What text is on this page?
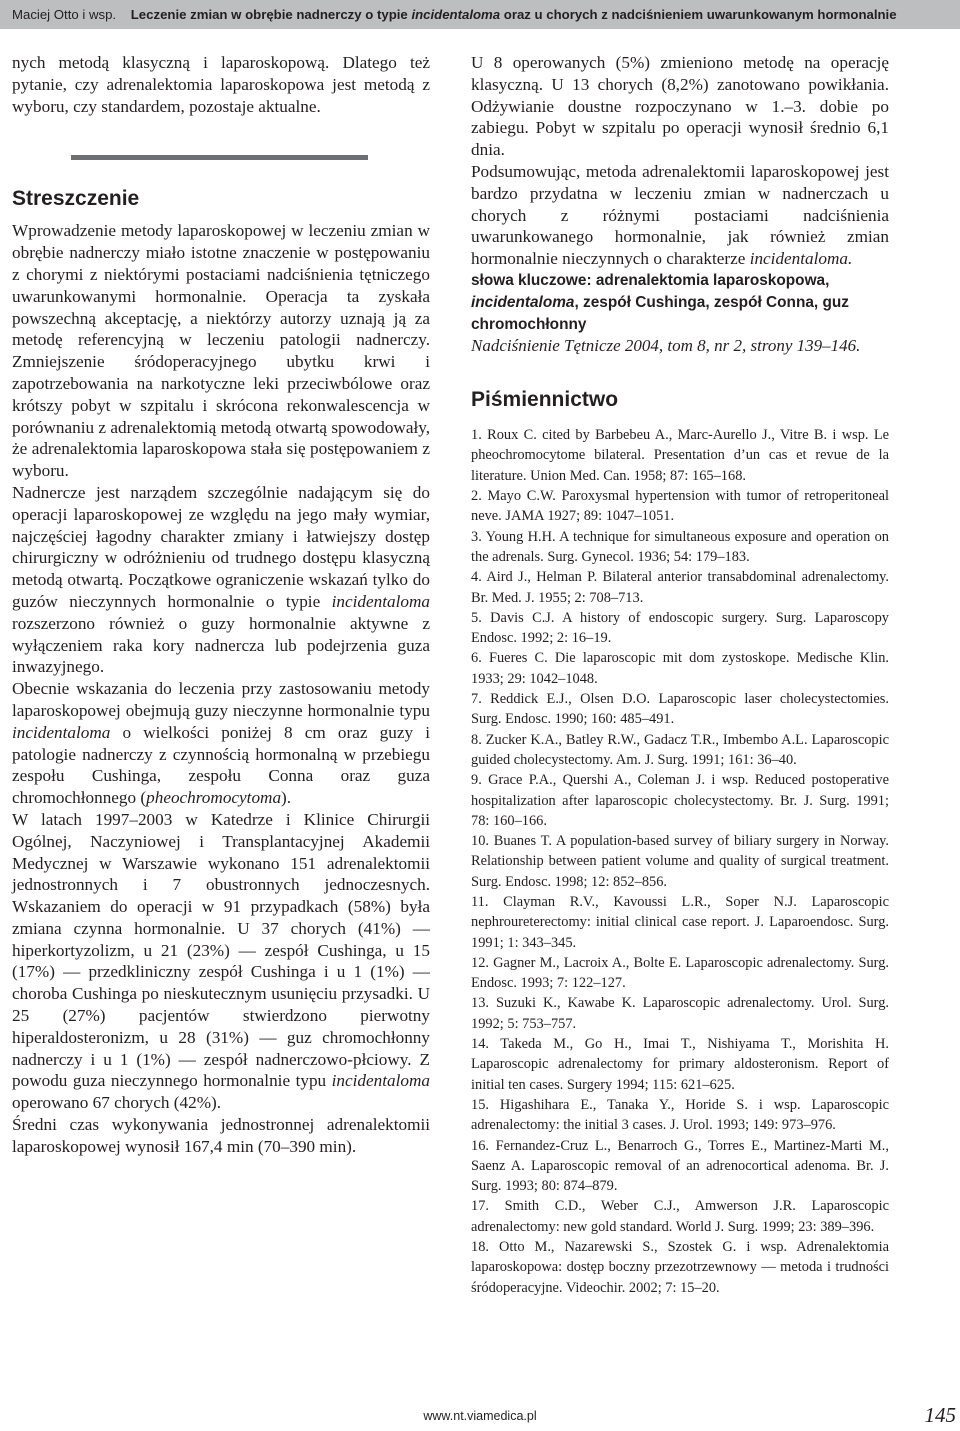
Maciej Otto i wsp. Leczenie zmian w obrębie nadnerczy o typie incidentaloma oraz u chorych z nadciśnieniem uwarunkowanym hormonalnie

nych metodą klasyczną i laparoskopową. Dlatego też pytanie, czy adrenalektomia laparoskopowa jest metodą z wyboru, czy standardem, pozostaje aktualne.

Streszczenie

Wprowadzenie metody laparoskopowej w leczeniu zmian w obrębie nadnerczy miało istotne znaczenie w postępowaniu z chorymi z niektórymi postaciami nadciśnienia tętniczego uwarunkowanymi hormonalnie. Operacja ta zyskała powszechną akceptację, a niektórzy autorzy uznają ją za metodę referencyjną w leczeniu patologii nadnerczy. Zmniejszenie śródoperacyjnego ubytku krwi i zapotrzebowania na narkotyczne leki przeciwbólowe oraz krótszy pobyt w szpitalu i skrócona rekonwalescencja w porównaniu z adrenalektomią metodą otwartą spowodowały, że adrenalektomia laparoskopowa stała się postępowaniem z wyboru.

Nadnercze jest narządem szczególnie nadającym się do operacji laparoskopowej ze względu na jego mały wymiar, najczęściej łagodny charakter zmiany i łatwiejszy dostęp chirurgiczny w odróżnieniu od trudnego dostępu klasyczną metodą otwartą. Początkowe ograniczenie wskazań tylko do guzów nieczynnych hormonalnie o typie incidentaloma rozszerzono również o guzy hormonalnie aktywne z wyłączeniem raka kory nadnercza lub podejrzenia guza inwazyjnego.

Obecnie wskazania do leczenia przy zastosowaniu metody laparoskopowej obejmują guzy nieczynne hormonalnie typu incidentaloma o wielkości poniżej 8 cm oraz guzy i patologie nadnerczy z czynnością hormonalną w przebiegu zespołu Cushinga, zespołu Conna oraz guza chromochłonnego (pheochromocytoma).

W latach 1997–2003 w Katedrze i Klinice Chirurgii Ogólnej, Naczyniowej i Transplantacyjnej Akademii Medycznej w Warszawie wykonano 151 adrenalektomii jednostronnych i 7 obustronnych jednoczesnych. Wskazaniem do operacji w 91 przypadkach (58%) była zmiana czynna hormonalnie. U 37 chorych (41%) — hiperkortyzolizm, u 21 (23%) — zespół Cushinga, u 15 (17%) — przedkliniczny zespół Cushinga i u 1 (1%) — choroba Cushinga po nieskutecznym usunięciu przysadki. U 25 (27%) pacjentów stwierdzono pierwotny hiperaldosteronizm, u 28 (31%) — guz chromochłonny nadnerczy i u 1 (1%) — zespół nadnerczowo-płciowy. Z powodu guza nieczynnego hormonalnie typu incidentaloma operowano 67 chorych (42%).

Średni czas wykonywania jednostronnej adrenalektomii laparoskopowej wynosił 167,4 min (70–390 min).

U 8 operowanych (5%) zmieniono metodę na operację klasyczną. U 13 chorych (8,2%) zanotowano powikłania. Odżywianie doustne rozpoczynano w 1.–3. dobie po zabiegu. Pobyt w szpitalu po operacji wynosił średnio 6,1 dnia.

Podsumowując, metoda adrenalektomii laparoskopowej jest bardzo przydatna w leczeniu zmian w nadnerczach u chorych z różnymi postaciami nadciśnienia uwarunkowanego hormonalnie, jak również zmian hormonalnie nieczynnych o charakterze incidentaloma.

słowa kluczowe: adrenalektomia laparoskopowa, incidentaloma, zespół Cushinga, zespół Conna, guz chromochłonny

Nadciśnienie Tętnicze 2004, tom 8, nr 2, strony 139–146.

Piśmiennictwo

1. Roux C. cited by Barbebeu A., Marc-Aurello J., Vitre B. i wsp. Le pheochromocytome bilateral. Presentation d’un cas et revue de la literature. Union Med. Can. 1958; 87: 165–168.

2. Mayo C.W. Paroxysmal hypertension with tumor of retroperitoneal neve. JAMA 1927; 89: 1047–1051.

3. Young H.H. A technique for simultaneous exposure and operation on the adrenals. Surg. Gynecol. 1936; 54: 179–183.

4. Aird J., Helman P. Bilateral anterior transabdominal adrenalectomy. Br. Med. J. 1955; 2: 708–713.

5. Davis C.J. A history of endoscopic surgery. Surg. Laparoscopy Endosc. 1992; 2: 16–19.

6. Fueres C. Die laparoscopic mit dom zystoskope. Medische Klin. 1933; 29: 1042–1048.

7. Reddick E.J., Olsen D.O. Laparoscopic laser cholecystectomies. Surg. Endosc. 1990; 160: 485–491.

8. Zucker K.A., Batley R.W., Gadacz T.R., Imbembo A.L. Laparoscopic guided cholecystectomy. Am. J. Surg. 1991; 161: 36–40.

9. Grace P.A., Quershi A., Coleman J. i wsp. Reduced postoperative hospitalization after laparoscopic cholecystectomy. Br. J. Surg. 1991; 78: 160–166.

10. Buanes T. A population-based survey of biliary surgery in Norway. Relationship between patient volume and quality of surgical treatment. Surg. Endosc. 1998; 12: 852–856.

11. Clayman R.V., Kavoussi L.R., Soper N.J. Laparoscopic nephroureterectomy: initial clinical case report. J. Laparoendosc. Surg. 1991; 1: 343–345.

12. Gagner M., Lacroix A., Bolte E. Laparoscopic adrenalectomy. Surg. Endosc. 1993; 7: 122–127.

13. Suzuki K., Kawabe K. Laparoscopic adrenalectomy. Urol. Surg. 1992; 5: 753–757.

14. Takeda M., Go H., Imai T., Nishiyama T., Morishita H. Laparoscopic adrenalectomy for primary aldosteronism. Report of initial ten cases. Surgery 1994; 115: 621–625.

15. Higashihara E., Tanaka Y., Horide S. i wsp. Laparoscopic adrenalectomy: the initial 3 cases. J. Urol. 1993; 149: 973–976.

16. Fernandez-Cruz L., Benarroch G., Torres E., Martinez-Marti M., Saenz A. Laparoscopic removal of an adrenocortical adenoma. Br. J. Surg. 1993; 80: 874–879.

17. Smith C.D., Weber C.J., Amwerson J.R. Laparoscopic adrenalectomy: new gold standard. World J. Surg. 1999; 23: 389–396.

18. Otto M., Nazarewski S., Szostek G. i wsp. Adrenalektomia laparoskopowa: dostęp boczny przezotrzewnowy — metoda i trudności śródoperacyjne. Videochir. 2002; 7: 15–20.

www.nt.viamedica.pl	145
